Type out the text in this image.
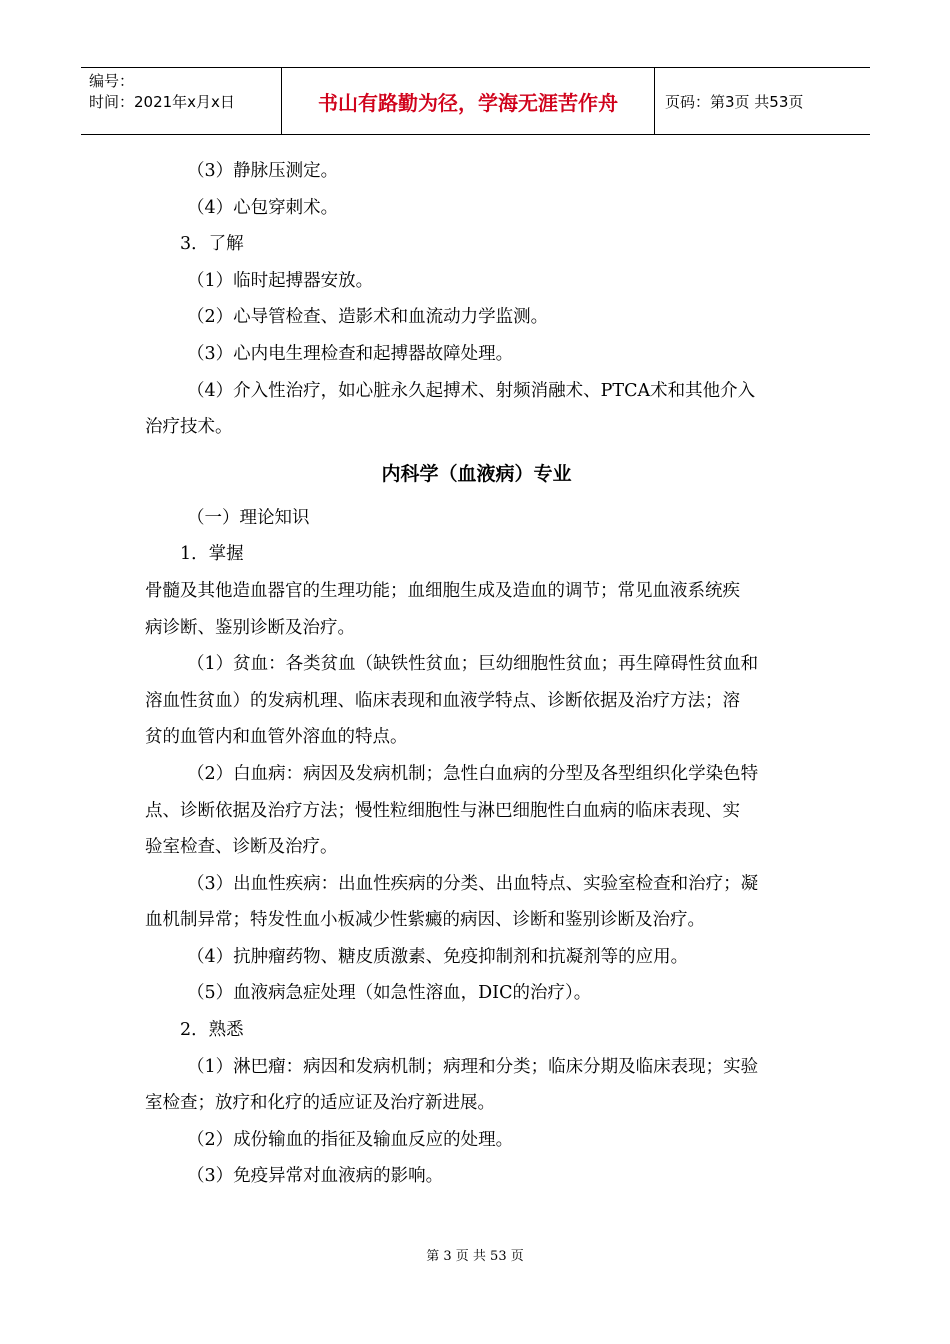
编号：
时间：2021年x月x日	书山有路勤为径，学海无涯苦作舟	页码：第3页 共53页

（3）静脉压测定。

（4）心包穿刺术。

3．了解

（1）临时起搏器安放。

（2）心导管检查、造影术和血流动力学监测。

（3）心内电生理检查和起搏器故障处理。

（4）介入性治疗，如心脏永久起搏术、射频消融术、PTCA术和其他介入

治疗技术。

内科学（血液病）专业

（一）理论知识

1．掌握

骨髓及其他造血器官的生理功能；血细胞生成及造血的调节；常见血液系统疾

病诊断、鉴别诊断及治疗。

（1）贫血：各类贫血（缺铁性贫血；巨幼细胞性贫血；再生障碍性贫血和

溶血性贫血）的发病机理、临床表现和血液学特点、诊断依据及治疗方法；溶

贫的血管内和血管外溶血的特点。

（2）白血病：病因及发病机制；急性白血病的分型及各型组织化学染色特

点、诊断依据及治疗方法；慢性粒细胞性与淋巴细胞性白血病的临床表现、实

验室检查、诊断及治疗。

（3）出血性疾病：出血性疾病的分类、出血特点、实验室检查和治疗；凝

血机制异常；特发性血小板减少性紫癜的病因、诊断和鉴别诊断及治疗。

（4）抗肿瘤药物、糖皮质激素、免疫抑制剂和抗凝剂等的应用。

（5）血液病急症处理（如急性溶血，DIC的治疗）。

2．熟悉

（1）淋巴瘤：病因和发病机制；病理和分类；临床分期及临床表现；实验

室检查；放疗和化疗的适应证及治疗新进展。

（2）成份输血的指征及输血反应的处理。

（3）免疫异常对血液病的影响。

第 3 页 共 53 页
